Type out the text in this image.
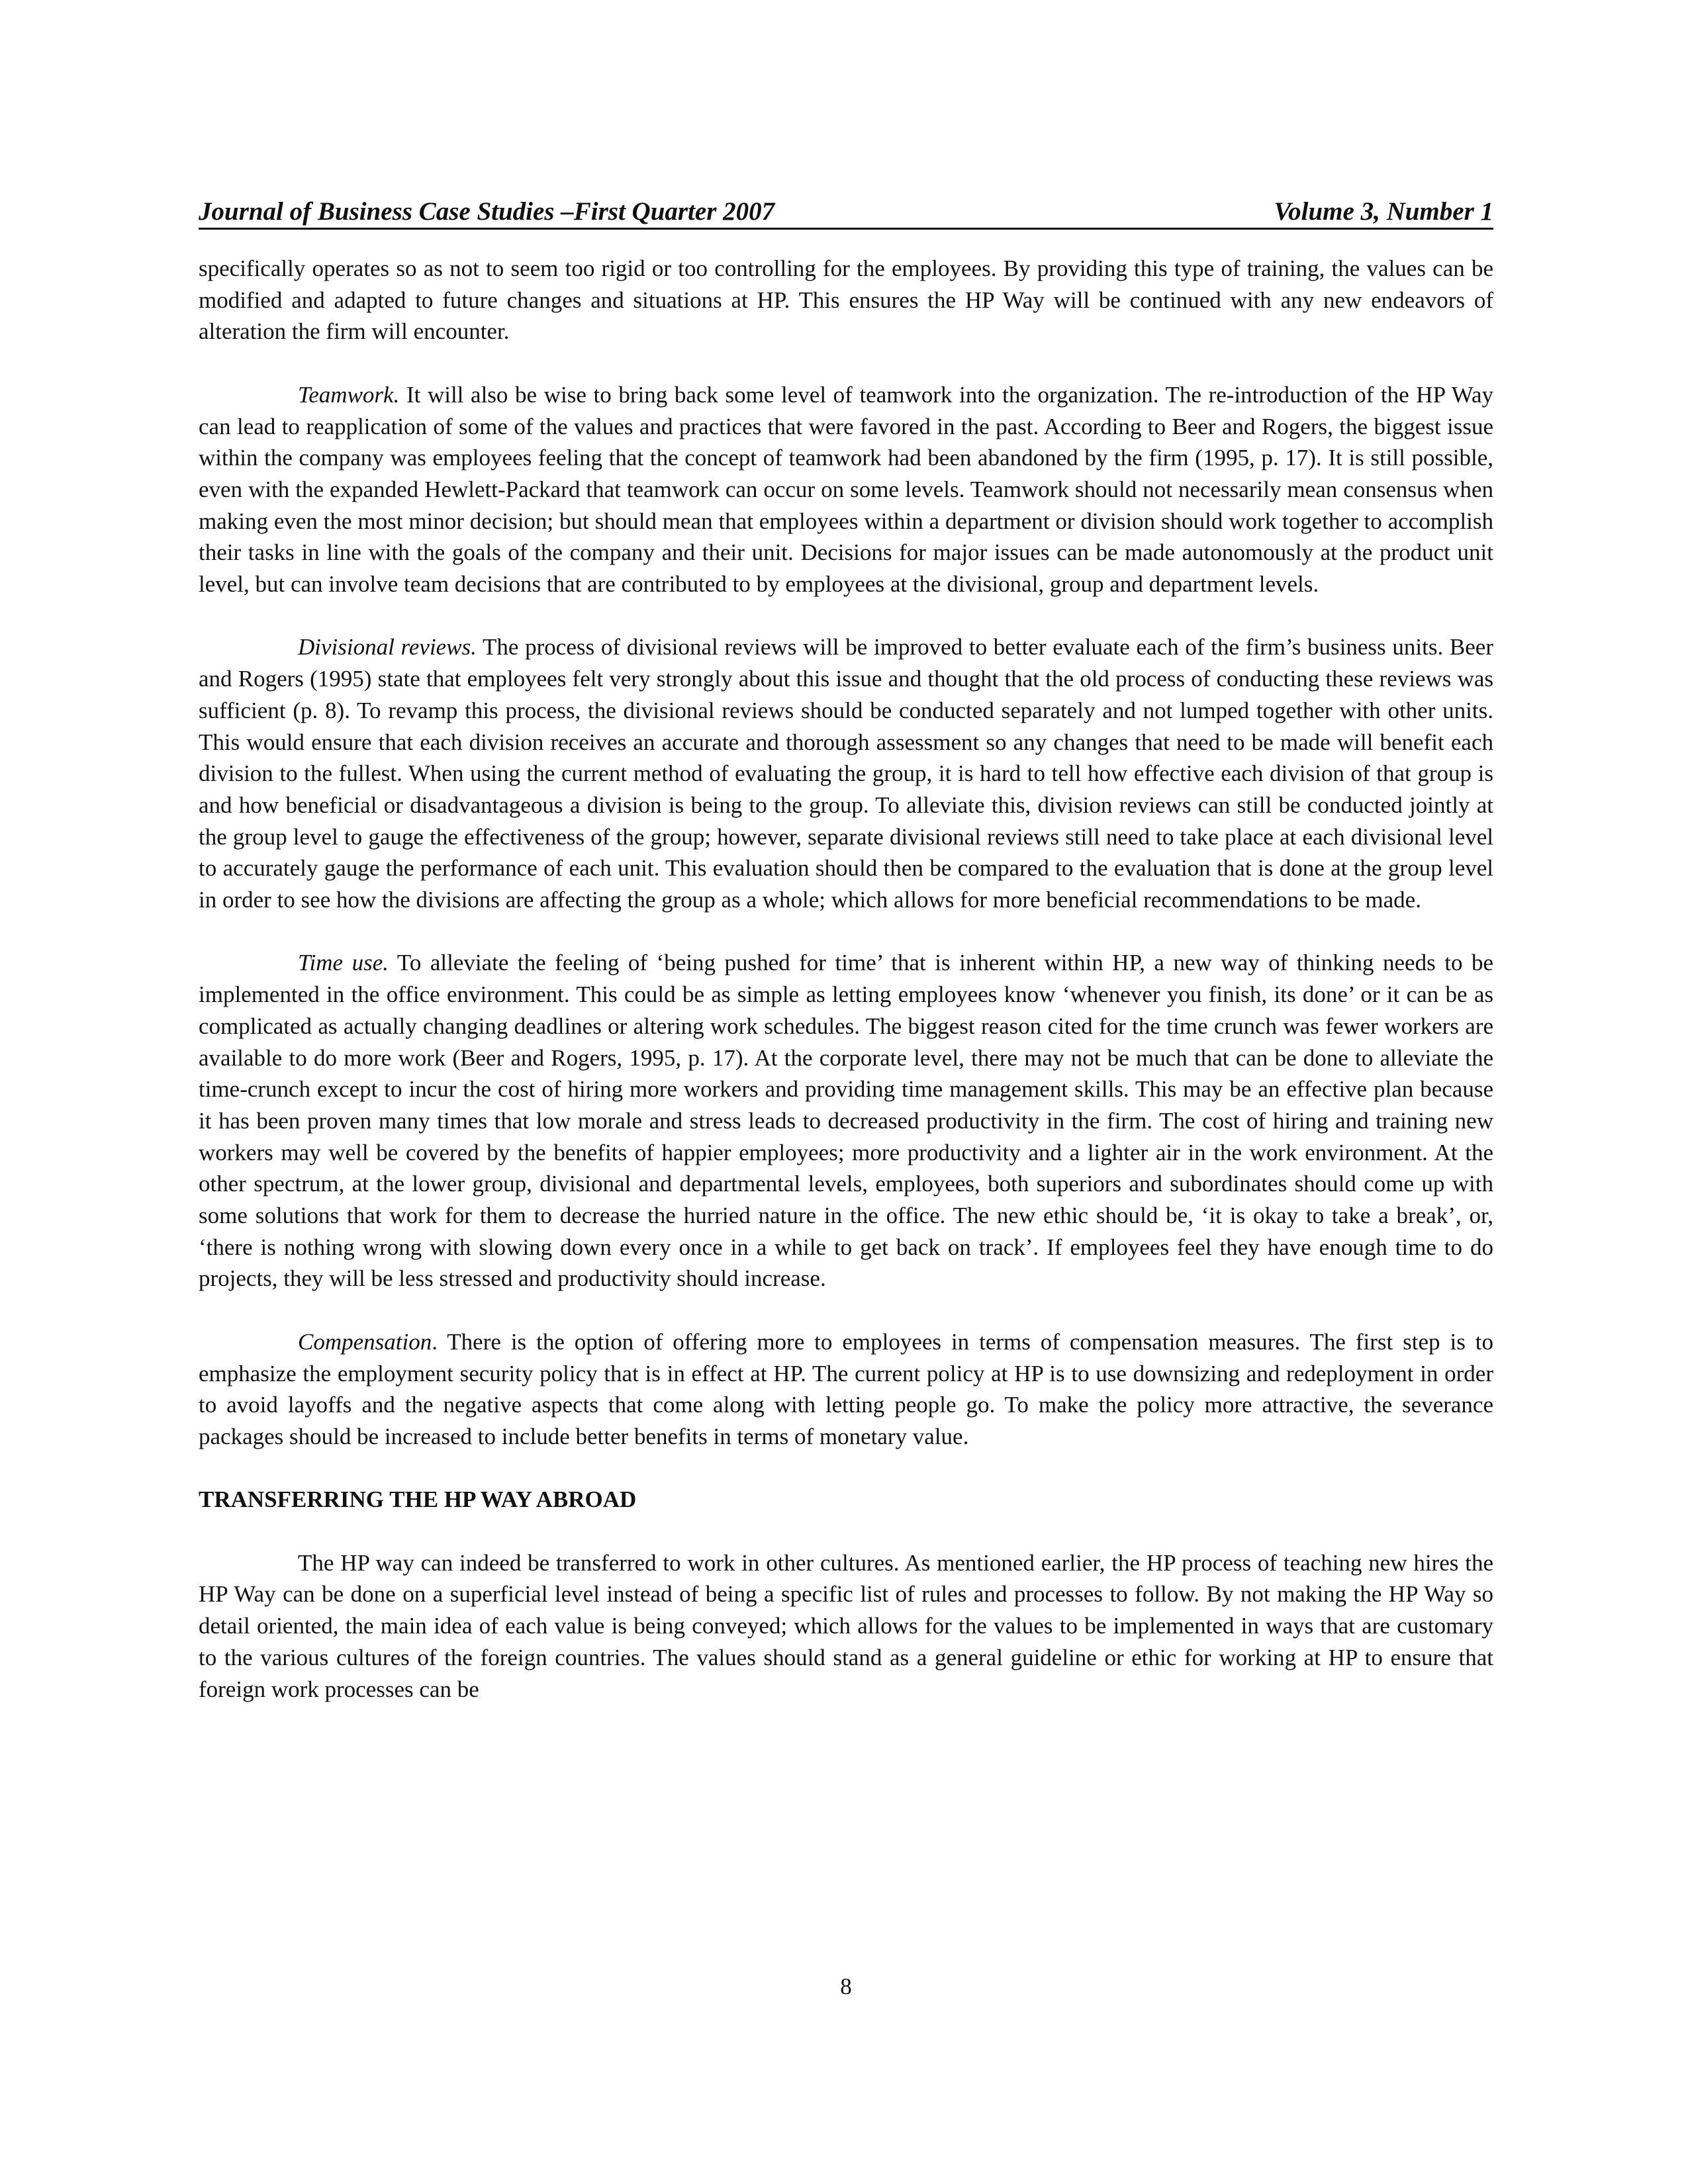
Journal of Business Case Studies –First Quarter 2007	Volume 3, Number 1

specifically operates so as not to seem too rigid or too controlling for the employees. By providing this type of training, the values can be modified and adapted to future changes and situations at HP. This ensures the HP Way will be continued with any new endeavors of alteration the firm will encounter.

Teamwork. It will also be wise to bring back some level of teamwork into the organization. The re-introduction of the HP Way can lead to reapplication of some of the values and practices that were favored in the past. According to Beer and Rogers, the biggest issue within the company was employees feeling that the concept of teamwork had been abandoned by the firm (1995, p. 17). It is still possible, even with the expanded Hewlett-Packard that teamwork can occur on some levels. Teamwork should not necessarily mean consensus when making even the most minor decision; but should mean that employees within a department or division should work together to accomplish their tasks in line with the goals of the company and their unit. Decisions for major issues can be made autonomously at the product unit level, but can involve team decisions that are contributed to by employees at the divisional, group and department levels.

Divisional reviews. The process of divisional reviews will be improved to better evaluate each of the firm’s business units. Beer and Rogers (1995) state that employees felt very strongly about this issue and thought that the old process of conducting these reviews was sufficient (p. 8). To revamp this process, the divisional reviews should be conducted separately and not lumped together with other units. This would ensure that each division receives an accurate and thorough assessment so any changes that need to be made will benefit each division to the fullest. When using the current method of evaluating the group, it is hard to tell how effective each division of that group is and how beneficial or disadvantageous a division is being to the group. To alleviate this, division reviews can still be conducted jointly at the group level to gauge the effectiveness of the group; however, separate divisional reviews still need to take place at each divisional level to accurately gauge the performance of each unit. This evaluation should then be compared to the evaluation that is done at the group level in order to see how the divisions are affecting the group as a whole; which allows for more beneficial recommendations to be made.

Time use. To alleviate the feeling of ‘being pushed for time’ that is inherent within HP, a new way of thinking needs to be implemented in the office environment. This could be as simple as letting employees know ‘whenever you finish, its done’ or it can be as complicated as actually changing deadlines or altering work schedules. The biggest reason cited for the time crunch was fewer workers are available to do more work (Beer and Rogers, 1995, p. 17). At the corporate level, there may not be much that can be done to alleviate the time-crunch except to incur the cost of hiring more workers and providing time management skills. This may be an effective plan because it has been proven many times that low morale and stress leads to decreased productivity in the firm. The cost of hiring and training new workers may well be covered by the benefits of happier employees; more productivity and a lighter air in the work environment. At the other spectrum, at the lower group, divisional and departmental levels, employees, both superiors and subordinates should come up with some solutions that work for them to decrease the hurried nature in the office. The new ethic should be, ‘it is okay to take a break’, or, ‘there is nothing wrong with slowing down every once in a while to get back on track’. If employees feel they have enough time to do projects, they will be less stressed and productivity should increase.

Compensation. There is the option of offering more to employees in terms of compensation measures. The first step is to emphasize the employment security policy that is in effect at HP. The current policy at HP is to use downsizing and redeployment in order to avoid layoffs and the negative aspects that come along with letting people go. To make the policy more attractive, the severance packages should be increased to include better benefits in terms of monetary value.

TRANSFERRING THE HP WAY ABROAD

The HP way can indeed be transferred to work in other cultures. As mentioned earlier, the HP process of teaching new hires the HP Way can be done on a superficial level instead of being a specific list of rules and processes to follow. By not making the HP Way so detail oriented, the main idea of each value is being conveyed; which allows for the values to be implemented in ways that are customary to the various cultures of the foreign countries. The values should stand as a general guideline or ethic for working at HP to ensure that foreign work processes can be

8
